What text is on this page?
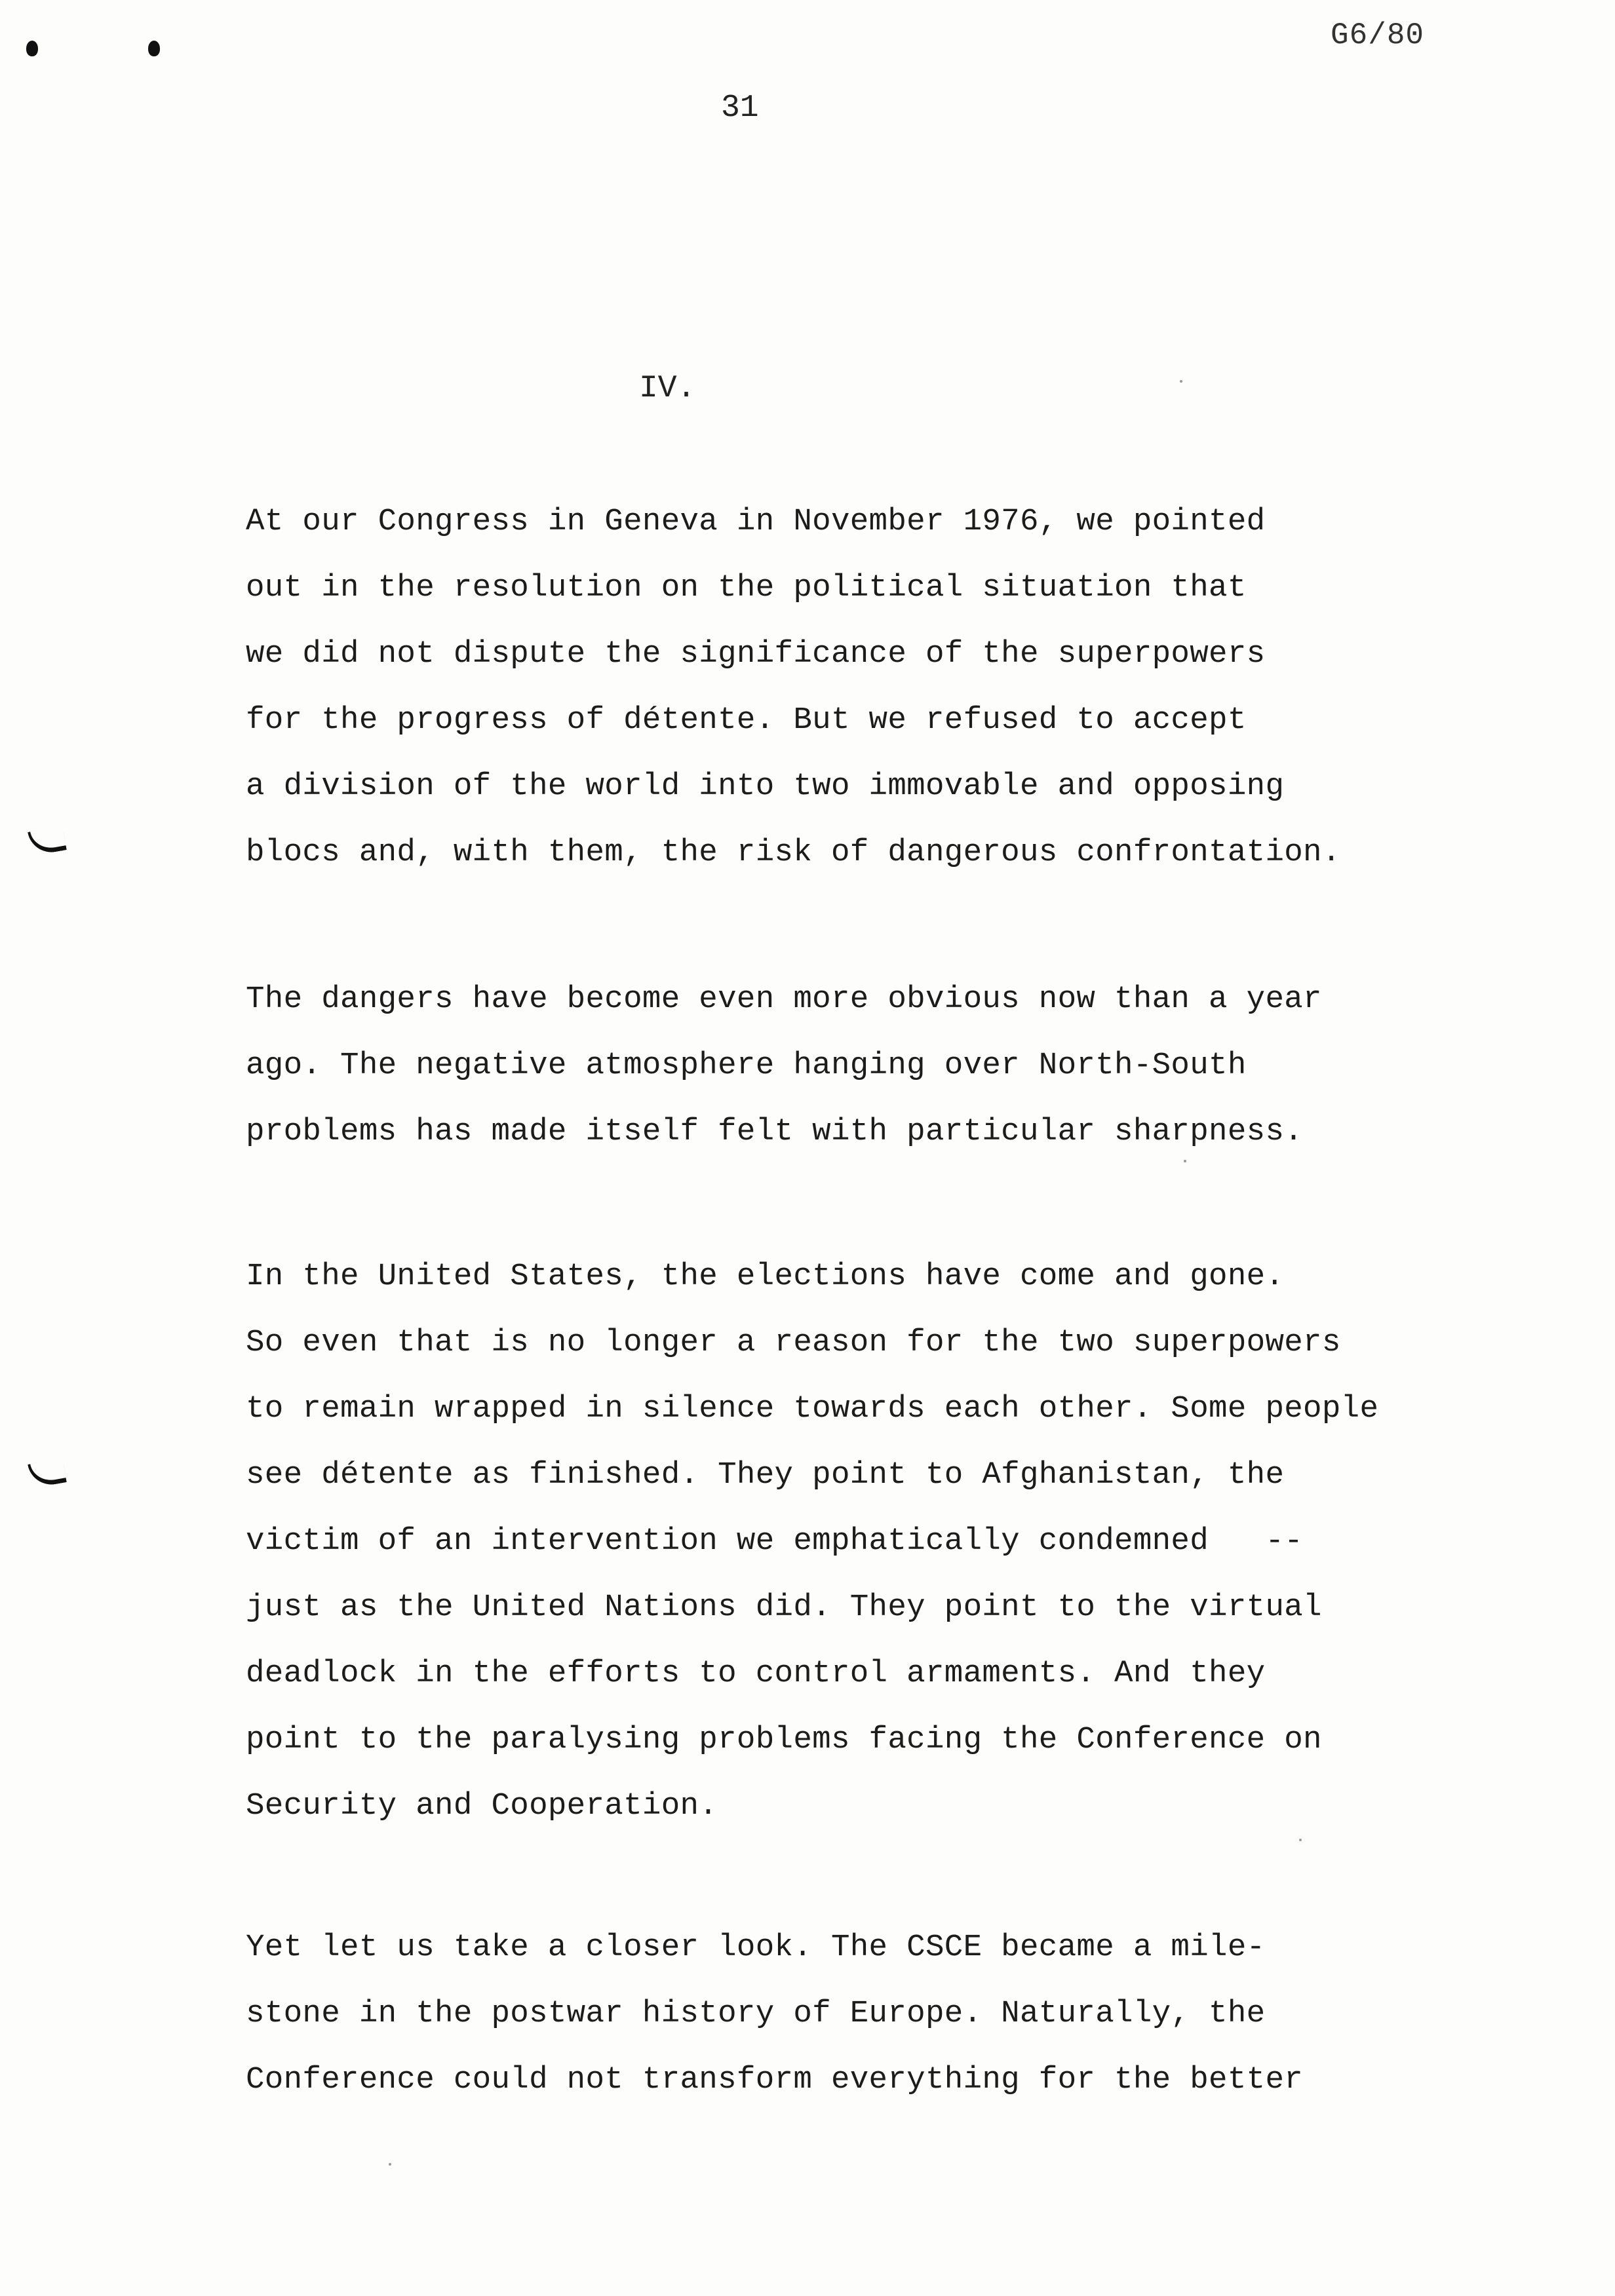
G6/80
31
IV.
At our Congress in Geneva in November 1976, we pointed
out in the resolution on the political situation that
we did not dispute the significance of the superpowers
for the progress of détente. But we refused to accept
a division of the world into two immovable and opposing
blocs and, with them, the risk of dangerous confrontation.
The dangers have become even more obvious now than a year
ago. The negative atmosphere hanging over North-South
problems has made itself felt with particular sharpness.
In the United States, the elections have come and gone.
So even that is no longer a reason for the two superpowers
to remain wrapped in silence towards each other. Some people
see détente as finished. They point to Afghanistan, the
victim of an intervention we emphatically condemned   --
just as the United Nations did. They point to the virtual
deadlock in the efforts to control armaments. And they
point to the paralysing problems facing the Conference on
Security and Cooperation.
Yet let us take a closer look. The CSCE became a mile-
stone in the postwar history of Europe. Naturally, the
Conference could not transform everything for the better
